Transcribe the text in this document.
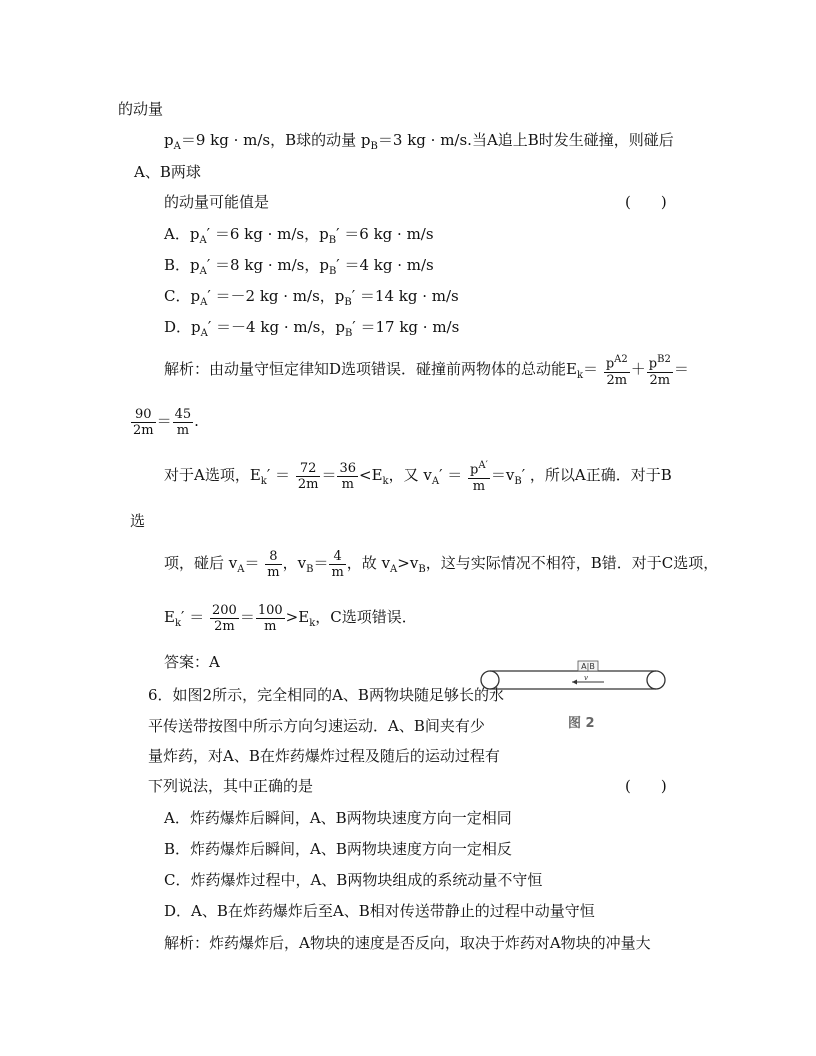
的动量
$p_A=9$ kg · m/s，B球的动量 $p_B=3$ kg · m/s.当A追上B时发生碰撞，则碰后
A、B两球
的动量可能值是	(　　)
A．$p_A' =6$ kg · m/s，$p_B' =6$ kg · m/s
B．$p_A' =8$ kg · m/s，$p_B' =4$ kg · m/s
C．$p_A' =-2$ kg · m/s，$p_B' =14$ kg · m/s
D．$p_A' =-4$ kg · m/s，$p_B' =17$ kg · m/s
解析：由动量守恒定律知D选项错误．碰撞前两物体的总动能$E_k= \frac{p^{A2}}{2m} + \frac{p^{B2}}{2m}$ ＝
$\frac{90}{2m} = \frac{45}{m}$ .
对于A选项，$E_k' = \frac{72}{2m} = \frac{36}{m} <E_k$，又 $v_A' = \frac{p^{A'}}{m} =v_B'$ ，所以A正确．对于B
选
项，碰后 $v_A= \frac{8}{m}$ ，$v_B= \frac{4}{m}$ ，故 $v_A>v_B$，这与实际情况不相符，B错．对于C选项，
$E_k' = \frac{200}{2m} = \frac{100}{m} >E_k$，C选项错误．
答案：A
6．如图2所示，完全相同的A、B两物块随足够长的水
平传送带按图中所示方向匀速运动．A、B间夹有少
量炸药，对A、B在炸药爆炸过程及随后的运动过程有
下列说法，其中正确的是	(　　)
A．炸药爆炸后瞬间，A、B两物块速度方向一定相同
B．炸药爆炸后瞬间，A、B两物块速度方向一定相反
C．炸药爆炸过程中，A、B两物块组成的系统动量不守恒
D．A、B在炸药爆炸后至A、B相对传送带静止的过程中动量守恒
解析：炸药爆炸后，A物块的速度是否反向，取决于炸药对A物块的冲量大
A|B
v
图 2
